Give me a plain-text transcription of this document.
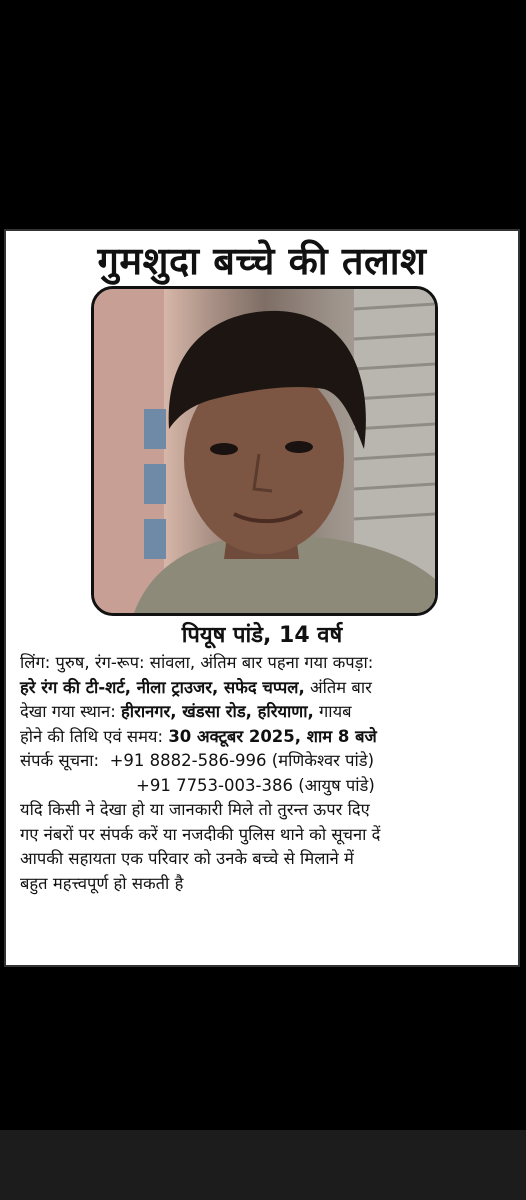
गुमशुदा बच्चे की तलाश
पियूष पांडे, 14 वर्ष
लिंग: पुरुष, रंग-रूप: सांवला, अंतिम बार पहना गया कपड़ा:
हरे रंग की टी-शर्ट, नीला ट्राउजर, सफेद चप्पल, अंतिम बार
देखा गया स्थान: हीरानगर, खंडसा रोड, हरियाणा, गायब
होने की तिथि एवं समय: 30 अक्टूबर 2025, शाम 8 बजे
संपर्क सूचना: +91 8882-586-996 (मणिकेश्वर पांडे)
+91 7753-003-386 (आयुष पांडे)
यदि किसी ने देखा हो या जानकारी मिले तो तुरन्त ऊपर दिए
गए नंबरों पर संपर्क करें या नजदीकी पुलिस थाने को सूचना दें
आपकी सहायता एक परिवार को उनके बच्चे से मिलाने में
बहुत महत्त्वपूर्ण हो सकती है
